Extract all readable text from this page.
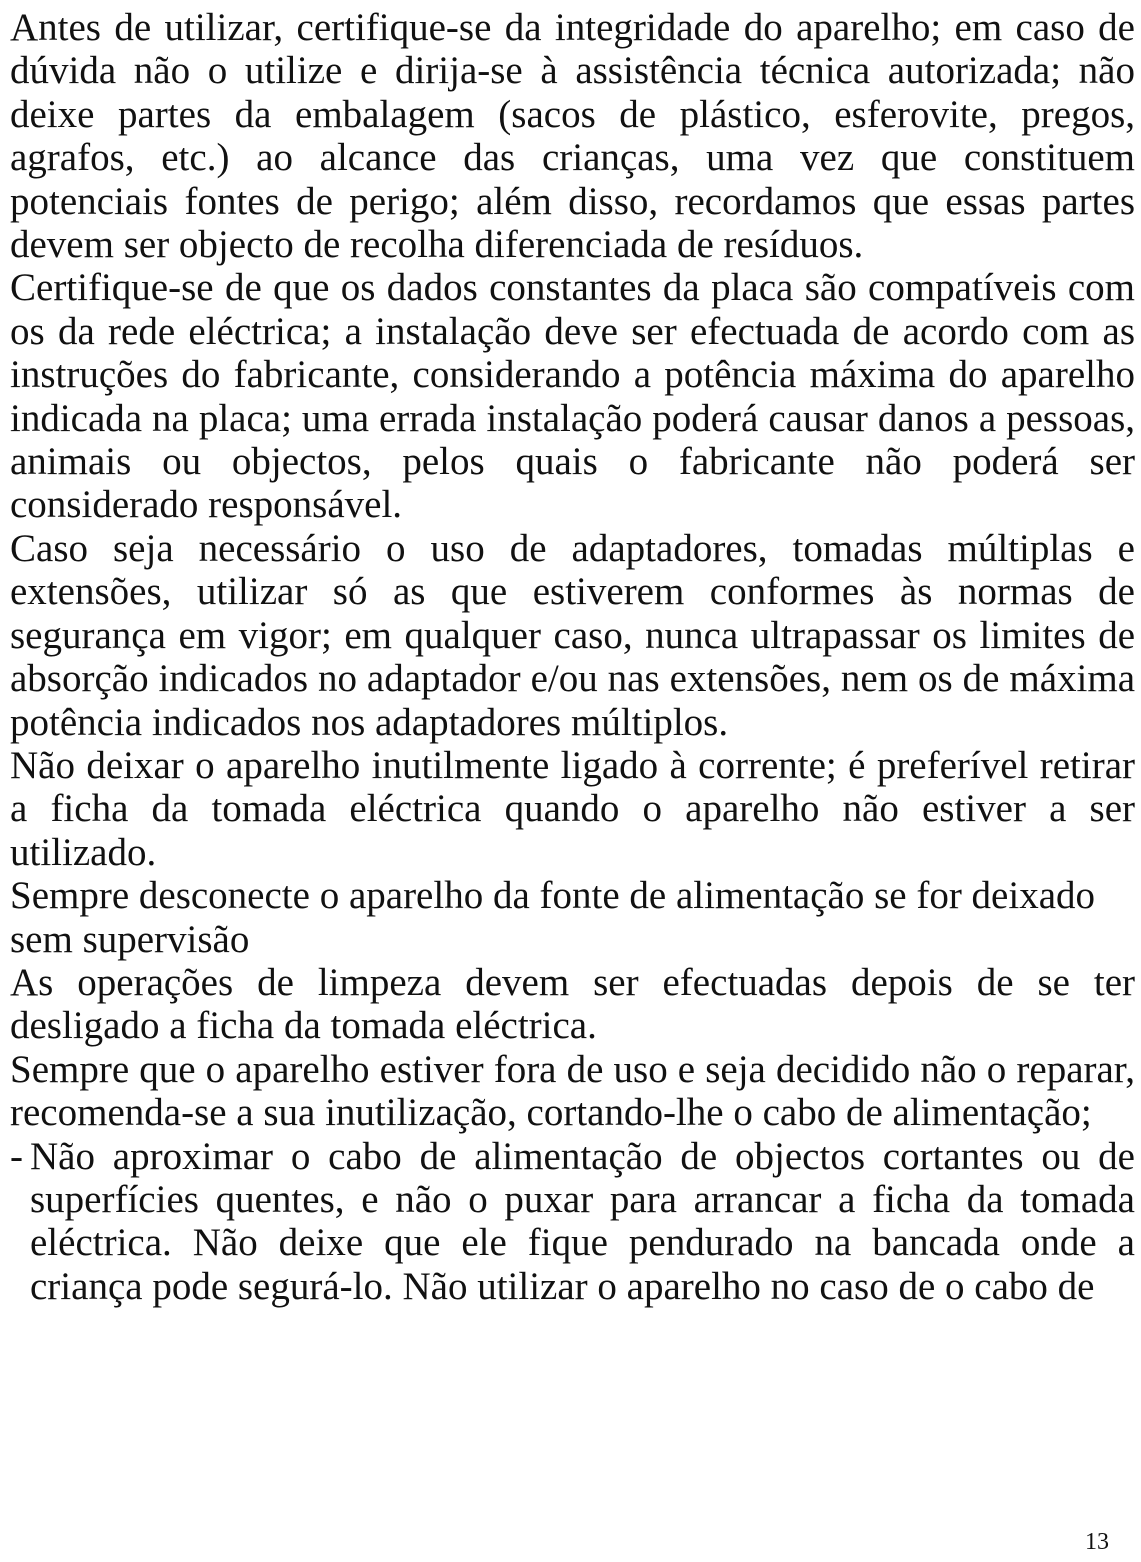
Antes de utilizar, certifique-se da integridade do aparelho; em caso de dúvida não o utilize e dirija-se à assistência técnica autorizada; não deixe partes da embalagem (sacos de plástico, esferovite, pregos, agrafos, etc.) ao alcance das crianças, uma vez que constituem potenciais fontes de perigo; além disso, recordamos que essas partes devem ser objecto de recolha diferenciada de resíduos.

Certifique-se de que os dados constantes da placa são compatíveis com os da rede eléctrica; a instalação deve ser efectuada de acordo com as instruções do fabricante, considerando a potência máxima do aparelho indicada na placa; uma errada instalação poderá causar danos a pessoas, animais ou objectos, pelos quais o fabricante não poderá ser considerado responsável.

Caso seja necessário o uso de adaptadores, tomadas múltiplas e extensões, utilizar só as que estiverem conformes às normas de segurança em vigor; em qualquer caso, nunca ultrapassar os limites de absorção indicados no adaptador e/ou nas extensões, nem os de máxima potência indicados nos adaptadores múltiplos.

Não deixar o aparelho inutilmente ligado à corrente; é preferível retirar a ficha da tomada eléctrica quando o aparelho não estiver a ser utilizado.

Sempre desconecte o aparelho da fonte de alimentação se for deixado sem supervisão

As operações de limpeza devem ser efectuadas depois de se ter desligado a ficha da tomada eléctrica.

Sempre que o aparelho estiver fora de uso e seja decidido não o reparar, recomenda-se a sua inutilização, cortando-lhe o cabo de alimentação;

- Não aproximar o cabo de alimentação de objectos cortantes ou de superfícies quentes, e não o puxar para arrancar a ficha da tomada eléctrica. Não deixe que ele fique pendurado na bancada onde a criança pode segurá-lo. Não utilizar o aparelho no caso de o cabo de
13
